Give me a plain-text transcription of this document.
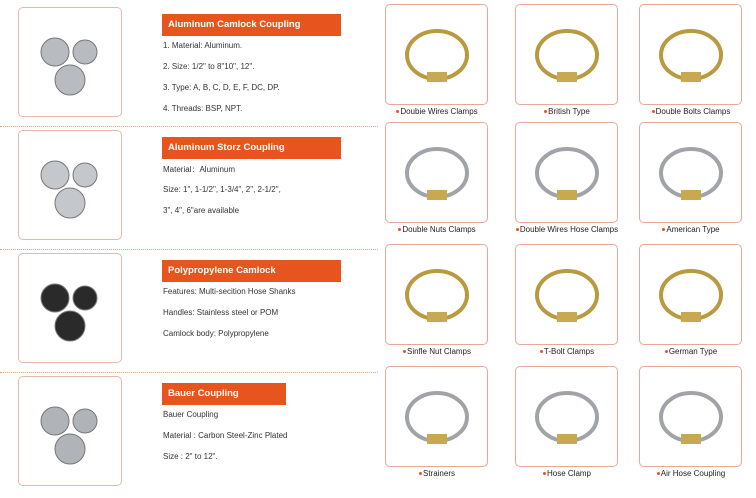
Aluminum Camlock Coupling
1. Material: Aluminum.
2. Size: 1/2" to 8"10", 12".
3. Type: A, B, C, D, E, F, DC, DP.
4. Threads: BSP, NPT.
Aluminum Storz Coupling
Material：Aluminum
Size: 1", 1-1/2", 1-3/4", 2", 2-1/2",
3", 4", 6"are available
Polypropylene Camlock
Features: Multi-secition Hose Shanks
Handles: Stainless steel or POM
Camlock body: Polypropylene
Bauer Coupling
Bauer Coupling
Material : Carbon Steel-Zinc Plated
Size : 2" to 12".
Doubie Wires Clamps	British Type	Double Bolts Clamps
Double Nuts Clamps	Double Wires Hose Clamps	American Type
Sinfle Nut Clamps	T-Bolt Clamps	German Type
Strainers	Hose Clamp	Air Hose Coupling
